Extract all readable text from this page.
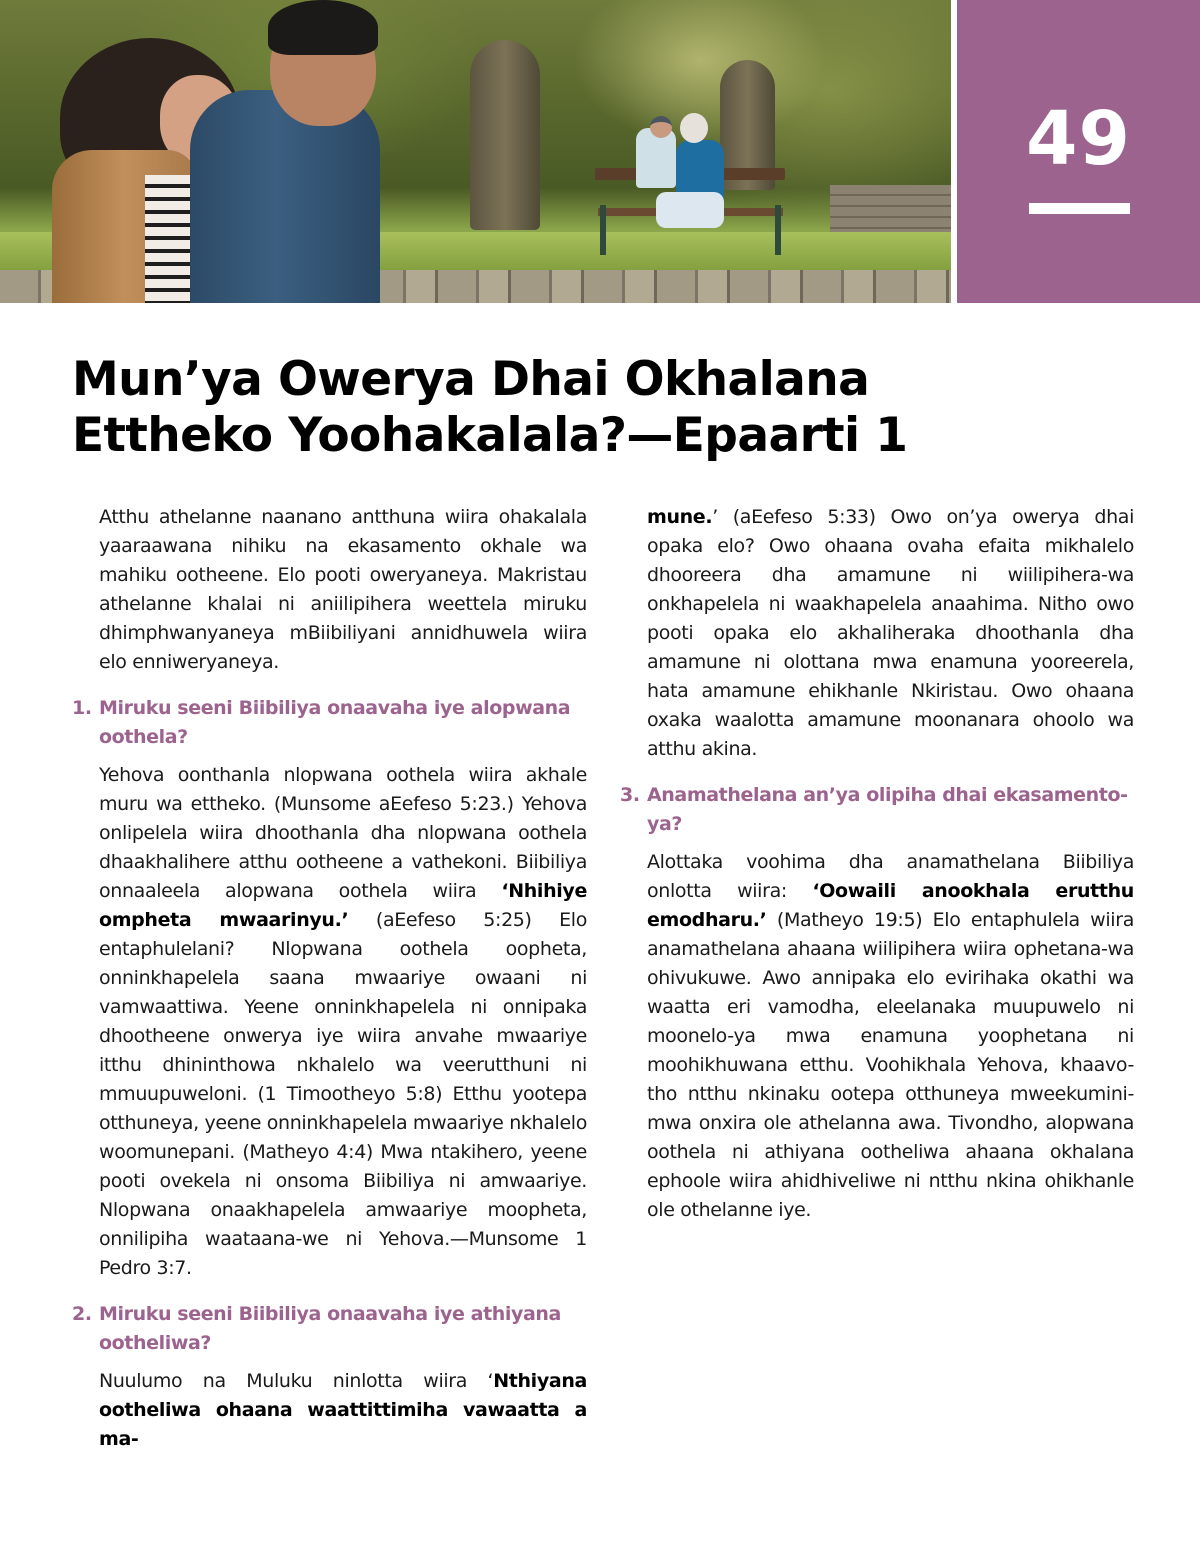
49
Mun’ya Owerya Dhai Okhalana
Ettheko Yoohakalala?—Epaarti 1

Atthu athelanne naanano antthuna wiira ohakalala yaaraawana nihiku na ekasamento okhale wa mahiku ootheene. Elo pooti oweryaneya. Makristau athelanne khalai ni aniilipihera weettela miruku dhimphwanyaneya mBiibiliyani annidhuwela wiira elo enniweryaneya.

1. Miruku seeni Biibiliya onaavaha iye alopwana oothela?

Yehova oonthanla nlopwana oothela wiira akhale muru wa ettheko. (Munsome aEefeso 5:23.) Yehova onlipelela wiira dhoothanla dha nlopwana oothela dhaakhalihere atthu ootheene a vathekoni. Biibiliya onnaaleela alopwana oothela wiira ‘Nhihiye ompheta mwaarinyu.’ (aEefeso 5:25) Elo entaphulelani? Nlopwana oothela oopheta, onninkhapelela saana mwaariye owaani ni vamwaattiwa. Yeene onninkhapelela ni onnipaka dhootheene onwerya iye wiira anvahe mwaariye itthu dhininthowa nkhalelo wa veerutthuni ni mmuupuweloni. (1 Timootheyo 5:8) Etthu yootepa otthuneya, yeene onninkhapelela mwaariye nkhalelo woomunepani. (Matheyo 4:4) Mwa ntakihero, yeene pooti ovekela ni onsoma Biibiliya ni amwaariye. Nlopwana onaakhapelela amwaariye moopheta, onnilipiha waataana-we ni Yehova.—Munsome 1 Pedro 3:7.

2. Miruku seeni Biibiliya onaavaha iye athiyana ootheliwa?

Nuulumo na Muluku ninlotta wiira ‘Nthiyana ootheliwa ohaana waattittimiha vawaatta a ma-

mune.’ (aEefeso 5:33) Owo on’ya owerya dhai opaka elo? Owo ohaana ovaha efaita mikhalelo dhooreera dha amamune ni wiilipihera-wa onkhapelela ni waakhapelela anaahima. Nitho owo pooti opaka elo akhaliheraka dhoothanla dha amamune ni olottana mwa enamuna yooreerela, hata amamune ehikhanle Nkiristau. Owo ohaana oxaka waalotta amamune moonanara ohoolo wa atthu akina.

3. Anamathelana an’ya olipiha dhai ekasamento-ya?

Alottaka voohima dha anamathelana Biibiliya onlotta wiira: ‘Oowaili anookhala erutthu emodharu.’ (Matheyo 19:5) Elo entaphulela wiira anamathelana ahaana wiilipihera wiira ophetana-wa ohivukuwe. Awo annipaka elo evirihaka okathi wa waatta eri vamodha, eleelanaka muupuwelo ni moonelo-ya mwa enamuna yoophetana ni moohikhuwana etthu. Voohikhala Yehova, khaavo-tho ntthu nkinaku ootepa otthuneya mweekumini-mwa onxira ole athelanna awa. Tivondho, alopwana oothela ni athiyana ootheliwa ahaana okhalana ephoole wiira ahidhiveliwe ni ntthu nkina ohikhanle ole othelanne iye.
